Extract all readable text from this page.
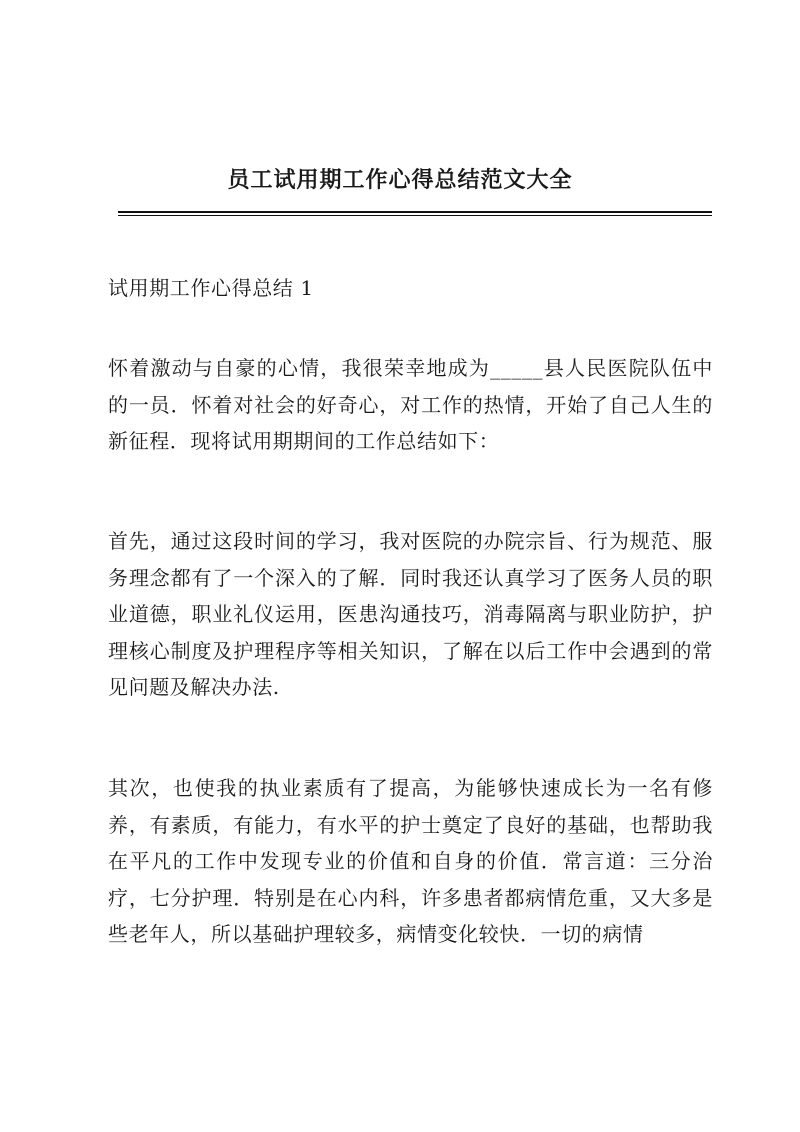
员工试用期工作心得总结范文大全

试用期工作心得总结 1

怀着激动与自豪的心情，我很荣幸地成为_____县人民医院队伍中的一员．怀着对社会的好奇心，对工作的热情，开始了自己人生的新征程．现将试用期期间的工作总结如下：

首先，通过这段时间的学习，我对医院的办院宗旨、行为规范、服务理念都有了一个深入的了解．同时我还认真学习了医务人员的职业道德，职业礼仪运用，医患沟通技巧，消毒隔离与职业防护，护理核心制度及护理程序等相关知识，了解在以后工作中会遇到的常见问题及解决办法.

其次，也使我的执业素质有了提高，为能够快速成长为一名有修养，有素质，有能力，有水平的护士奠定了良好的基础，也帮助我在平凡的工作中发现专业的价值和自身的价值．常言道：三分治疗，七分护理．特别是在心内科，许多患者都病情危重，又大多是些老年人，所以基础护理较多，病情变化较快．一切的病情
